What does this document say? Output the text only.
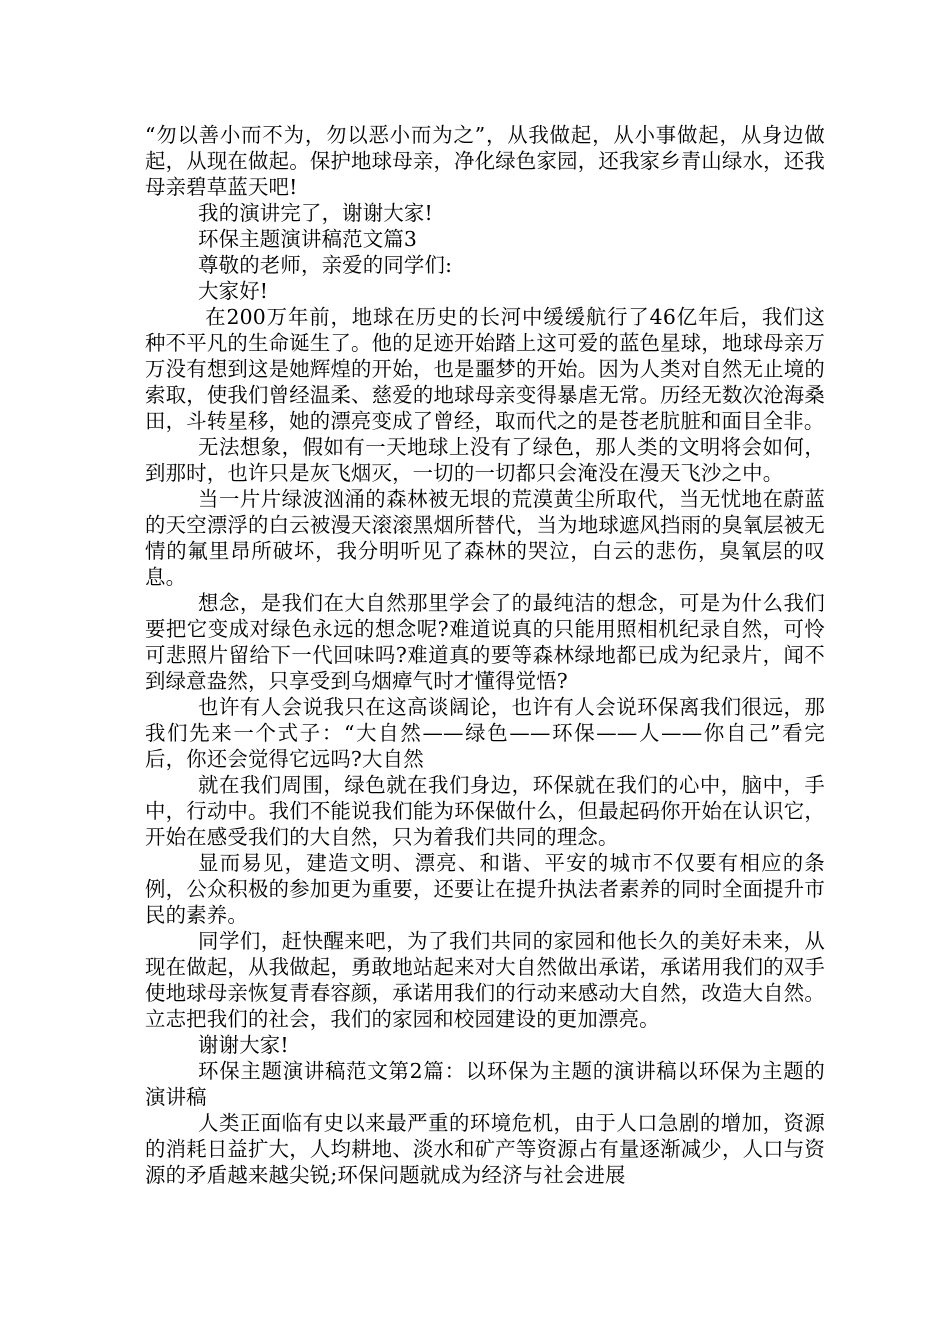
“勿以善小而不为，勿以恶小而为之”，从我做起，从小事做起，从身边做起，从现在做起。保护地球母亲，净化绿色家园，还我家乡青山绿水，还我母亲碧草蓝天吧!

我的演讲完了，谢谢大家!

环保主题演讲稿范文篇3

尊敬的老师，亲爱的同学们:

大家好!

在200万年前，地球在历史的长河中缓缓航行了46亿年后，我们这种不平凡的生命诞生了。他的足迹开始踏上这可爱的蓝色星球，地球母亲万万没有想到这是她辉煌的开始，也是噩梦的开始。因为人类对自然无止境的索取，使我们曾经温柔、慈爱的地球母亲变得暴虐无常。历经无数次沧海桑田，斗转星移，她的漂亮变成了曾经，取而代之的是苍老肮脏和面目全非。

无法想象，假如有一天地球上没有了绿色，那人类的文明将会如何，到那时，也许只是灰飞烟灭，一切的一切都只会淹没在漫天飞沙之中。

当一片片绿波汹涌的森林被无垠的荒漠黄尘所取代，当无忧地在蔚蓝的天空漂浮的白云被漫天滚滚黑烟所替代，当为地球遮风挡雨的臭氧层被无情的氟里昂所破坏，我分明听见了森林的哭泣，白云的悲伤，臭氧层的叹息。

想念，是我们在大自然那里学会了的最纯洁的想念，可是为什么我们要把它变成对绿色永远的想念呢?难道说真的只能用照相机纪录自然，可怜可悲照片留给下一代回味吗?难道真的要等森林绿地都已成为纪录片，闻不到绿意盎然，只享受到乌烟瘴气时才懂得觉悟?

也许有人会说我只在这高谈阔论，也许有人会说环保离我们很远，那我们先来一个式子：“大自然——绿色——环保——人——你自己”看完后，你还会觉得它远吗?大自然

就在我们周围，绿色就在我们身边，环保就在我们的心中，脑中，手中，行动中。我们不能说我们能为环保做什么，但最起码你开始在认识它，开始在感受我们的大自然，只为着我们共同的理念。

显而易见，建造文明、漂亮、和谐、平安的城市不仅要有相应的条例，公众积极的参加更为重要，还要让在提升执法者素养的同时全面提升市民的素养。

同学们，赶快醒来吧，为了我们共同的家园和他长久的美好未来，从现在做起，从我做起，勇敢地站起来对大自然做出承诺，承诺用我们的双手使地球母亲恢复青春容颜，承诺用我们的行动来感动大自然，改造大自然。立志把我们的社会，我们的家园和校园建设的更加漂亮。

谢谢大家!

环保主题演讲稿范文第2篇：以环保为主题的演讲稿以环保为主题的演讲稿

人类正面临有史以来最严重的环境危机，由于人口急剧的增加，资源的消耗日益扩大，人均耕地、淡水和矿产等资源占有量逐渐减少，人口与资源的矛盾越来越尖锐;环保问题就成为经济与社会进展
